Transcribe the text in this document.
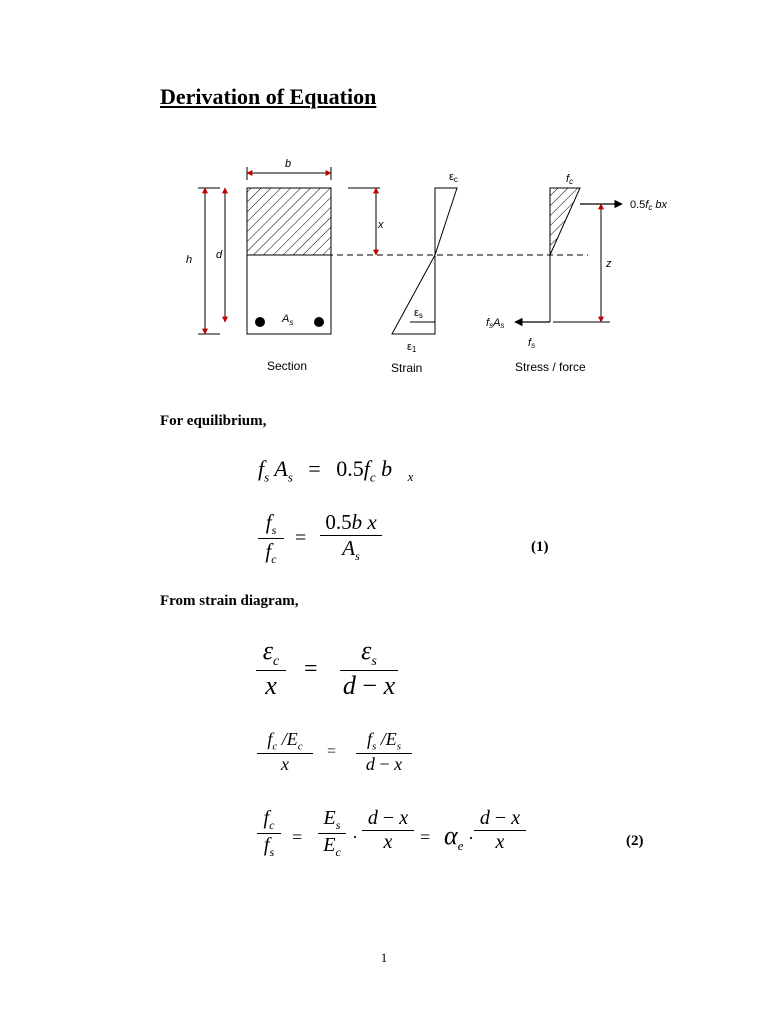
Derivation of Equation
b
h d
$A_s$
x
εc
εs
ε1
fc
0.5fc bx
z
fsAs
fs
Section	Strain	Stress / force
For equilibrium,
$f_s$ $A_s = 0.5f_c$ b $_x$
$f_s$
$f_c$
=
0.5b x
$A_s$
(1)
From strain diagram,
$\varepsilon_c$
x
=
$\varepsilon_s$
d − x
$f_c$ $/E_c$
x
=
$f_s$ $/E_s$
d − x
$f_c$
$f_s$
=
$E_s$
$E_c$
·
d − x
x	= $\alpha_e$ ·
d − x
x	(2)
1
